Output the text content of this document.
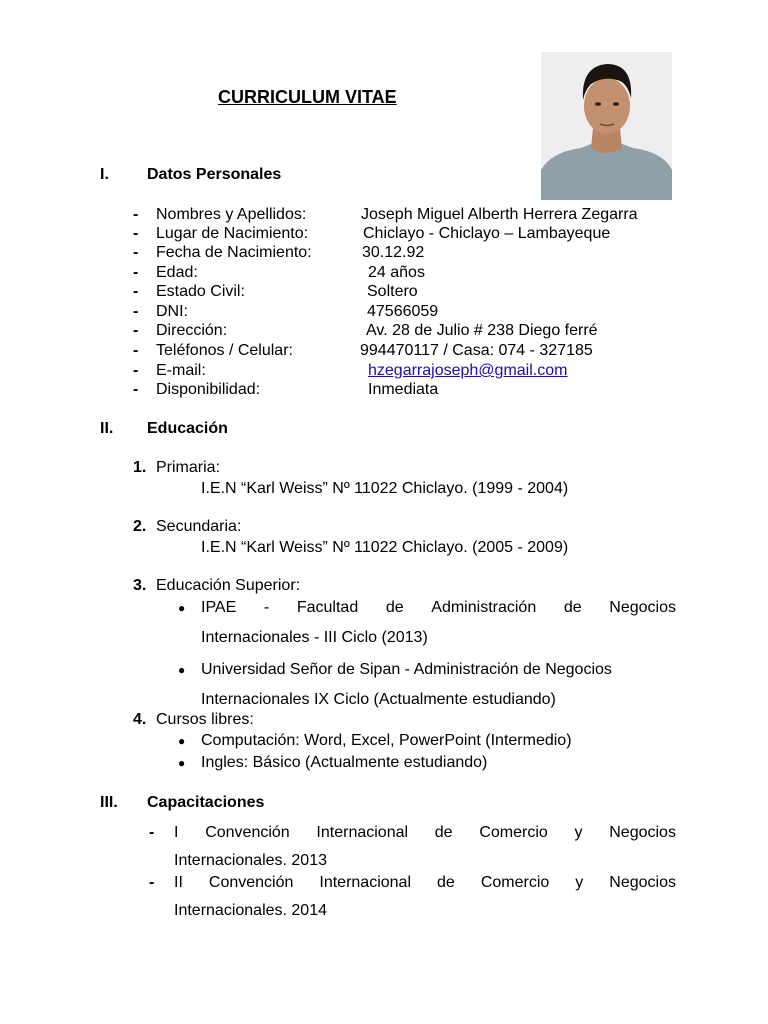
CURRICULUM VITAE
I. Datos Personales
- Nombres y Apellidos:	Joseph Miguel Alberth Herrera Zegarra
- Lugar de Nacimiento:	Chiclayo - Chiclayo – Lambayeque
- Fecha de Nacimiento:	30.12.92
- Edad:	24 años
- Estado Civil:	Soltero
- DNI:	47566059
- Dirección:	Av. 28 de Julio # 238 Diego ferré
- Teléfonos / Celular:	994470117 / Casa: 074 - 327185
- E-mail:	hzegarrajoseph@gmail.com
- Disponibilidad:	Inmediata
II. Educación
1. Primaria:
I.E.N “Karl Weiss” Nº 11022 Chiclayo. (1999 - 2004)
2. Secundaria:
I.E.N “Karl Weiss” Nº 11022 Chiclayo. (2005 - 2009)
3. Educación Superior:
● IPAE - Facultad de Administración de Negocios
Internacionales - III Ciclo (2013)
● Universidad Señor de Sipan - Administración de Negocios
Internacionales IX Ciclo (Actualmente estudiando)
4. Cursos libres:
● Computación: Word, Excel, PowerPoint (Intermedio)
● Ingles: Básico (Actualmente estudiando)
III. Capacitaciones
- I Convención Internacional de Comercio y Negocios
Internacionales. 2013
- II Convención Internacional de Comercio y Negocios
Internacionales. 2014
